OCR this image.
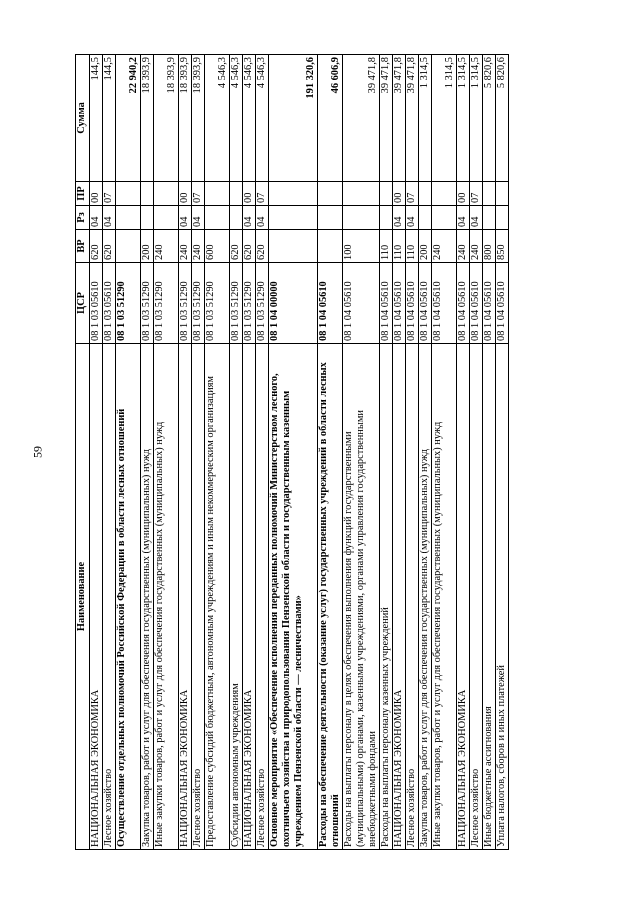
59
Наименование	ЦСР	ВР	Рз	ПР	Сумма
НАЦИОНАЛЬНАЯ ЭКОНОМИКА	08 1 03 05610	620	04	00	144,5
Лесное хозяйство	08 1 03 05610	620	04	07	144,5
Осуществление отдельных полномочий Российской Федерации в области лесных отношений	08 1 03 51290				22 940,2
Закупка товаров, работ и услуг для обеспечения государственных (муниципальных) нужд	08 1 03 51290	200			18 393,9
Иные закупки товаров, работ и услуг для обеспечения государственных (муниципальных) нужд	08 1 03 51290	240			18 393,9
НАЦИОНАЛЬНАЯ ЭКОНОМИКА	08 1 03 51290	240	04	00	18 393,9
Лесное хозяйство	08 1 03 51290	240	04	07	18 393,9
Предоставление субсидий бюджетным, автономным учреждениям и иным некоммерческим организациям	08 1 03 51290	600			4 546,3
Субсидии автономным учреждениям	08 1 03 51290	620			4 546,3
НАЦИОНАЛЬНАЯ ЭКОНОМИКА	08 1 03 51290	620	04	00	4 546,3
Лесное хозяйство	08 1 03 51290	620	04	07	4 546,3
Основное мероприятие «Обеспечение исполнения переданных полномочий Министерством лесного, охотничьего хозяйства и природопользования Пензенской области и государственным казенным учреждением Пензенской области — лесничествами»	08 1 04 00000				191 320,6
Расходы на обеспечение деятельности (оказание услуг) государственных учреждений в области лесных отношений	08 1 04 05610				46 606,9
Расходы на выплаты персоналу в целях обеспечения выполнения функций государственными (муниципальными) органами, казенными учреждениями, органами управления государственными внебюджетными фондами	08 1 04 05610	100			39 471,8
Расходы на выплаты персоналу казенных учреждений	08 1 04 05610	110			39 471,8
НАЦИОНАЛЬНАЯ ЭКОНОМИКА	08 1 04 05610	110	04	00	39 471,8
Лесное хозяйство	08 1 04 05610	110	04	07	39 471,8
Закупка товаров, работ и услуг для обеспечения государственных (муниципальных) нужд	08 1 04 05610	200			1 314,5
Иные закупки товаров, работ и услуг для обеспечения государственных (муниципальных) нужд	08 1 04 05610	240			1 314,5
НАЦИОНАЛЬНАЯ ЭКОНОМИКА	08 1 04 05610	240	04	00	1 314,5
Лесное хозяйство	08 1 04 05610	240	04	07	1 314,5
Иные бюджетные ассигнования	08 1 04 05610	800			5 820,6
Уплата налогов, сборов и иных платежей	08 1 04 05610	850			5 820,6
